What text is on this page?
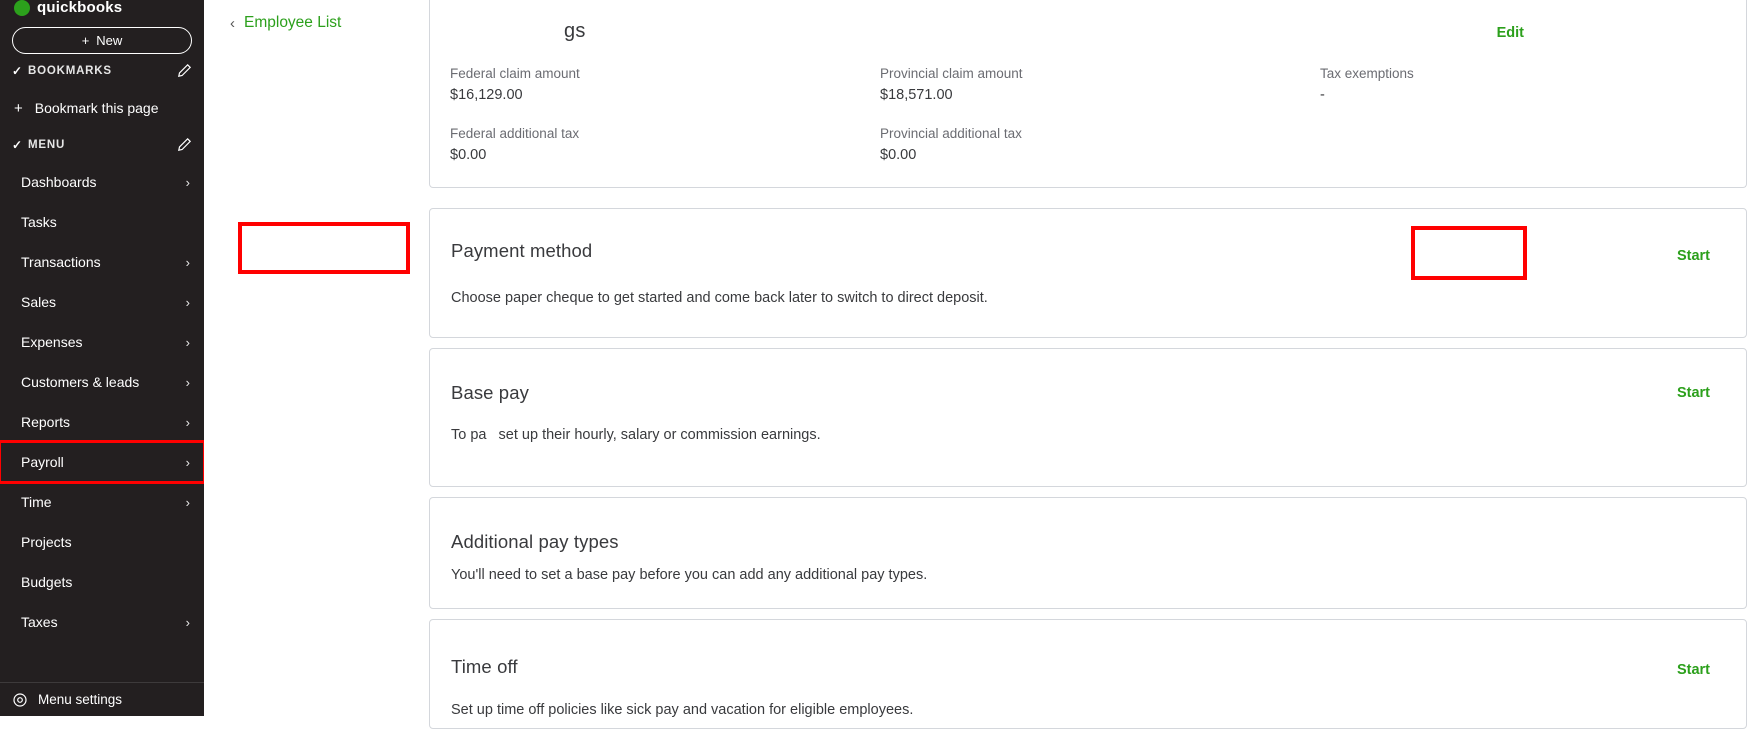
quickbooks
+ New
✓ BOOKMARKS
+ Bookmark this page
✓ MENU
Dashboards	›
Tasks
Transactions	›
Sales	›
Expenses	›
Customers & leads	›
Reports	›
Payroll	›
Time	›
Projects
Budgets
Taxes	›
Menu settings
Federal claim amount
$16,129.00
Provincial claim amount
$18,571.00
Tax exemptions
-
Federal additional tax
$0.00
Provincial additional tax
$0.00
‹ Employee List	gs	Edit
Payment method
Choose paper cheque to get started and come back later to switch to direct deposit.
Start
Base pay
To pa   set up their hourly, salary or commission earnings.
Start
Additional pay types
You'll need to set a base pay before you can add any additional pay types.
Time off
Set up time off policies like sick pay and vacation for eligible employees.
Start
